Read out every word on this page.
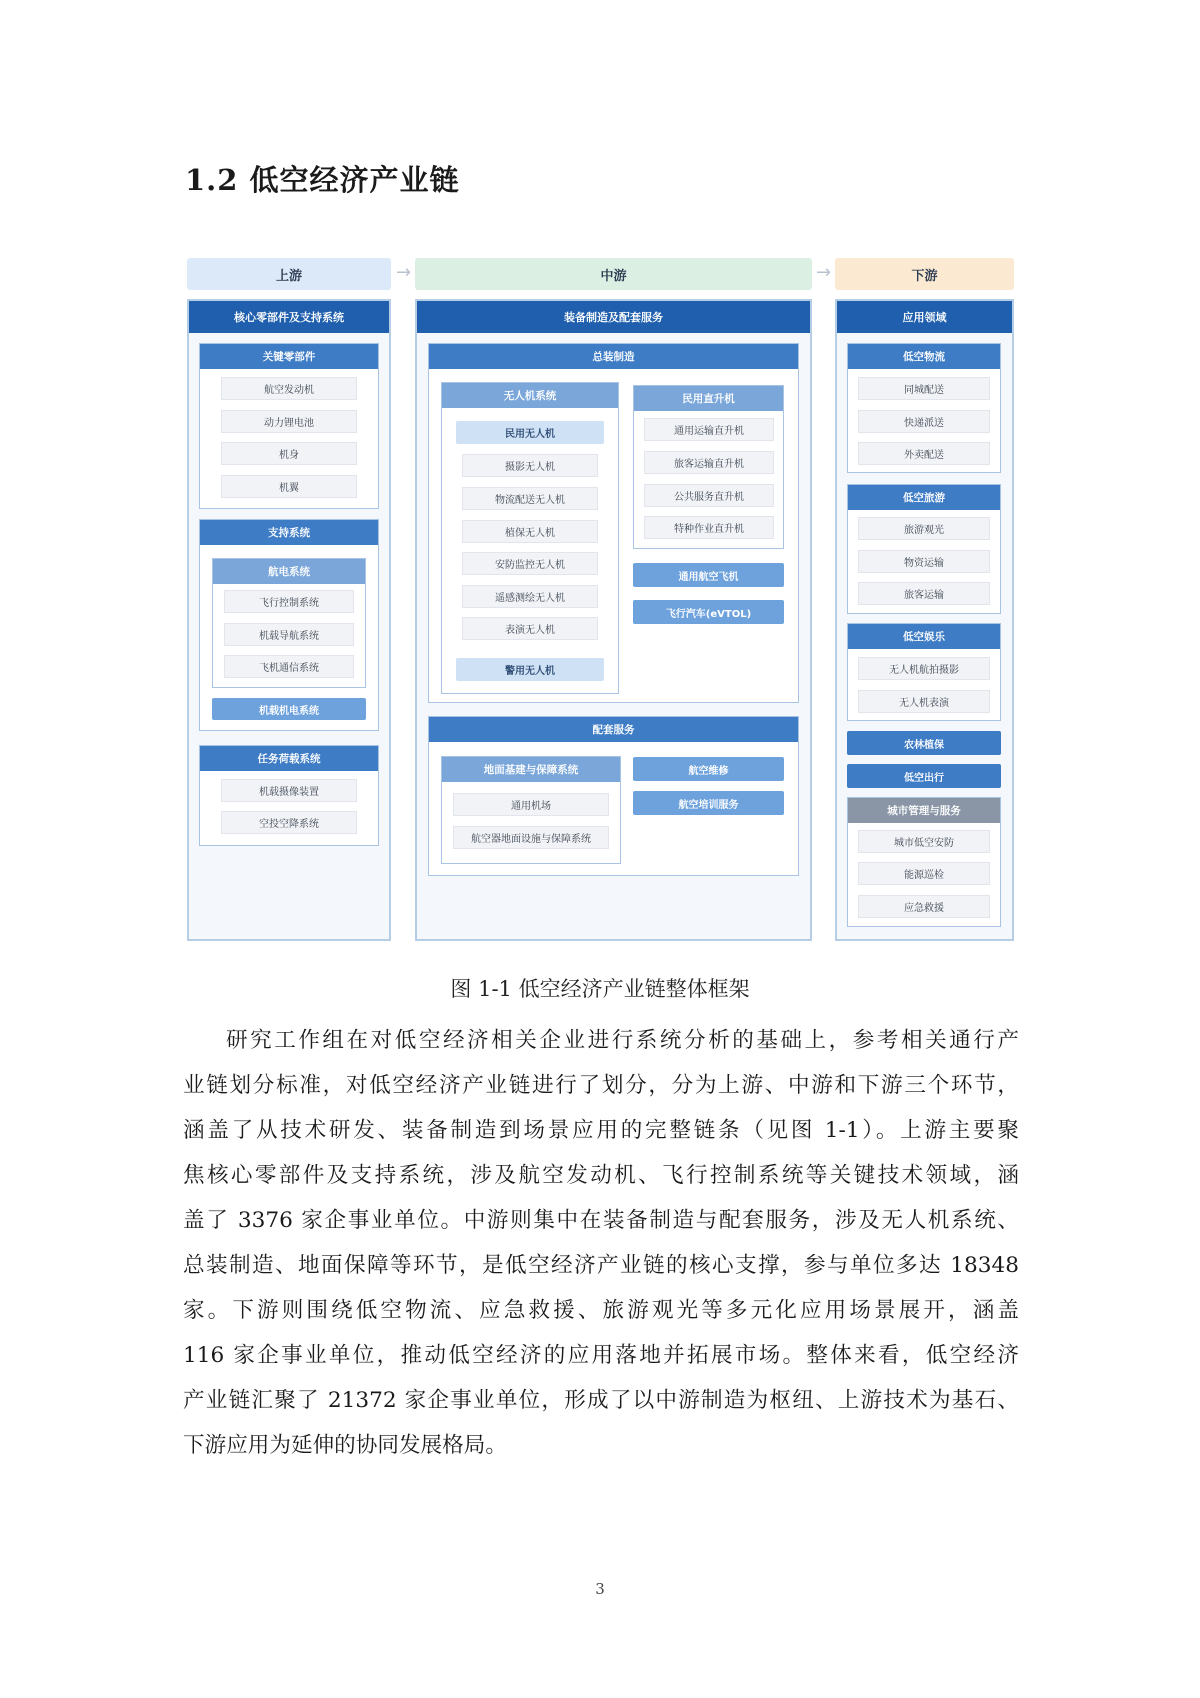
1.2 低空经济产业链
上游	→	中游	→	下游
核心零部件及支持系统
关键零部件
航空发动机
动力锂电池
机身
机翼
支持系统
航电系统
飞行控制系统
机载导航系统
飞机通信系统
机载机电系统
任务荷载系统
机载摄像装置
空投空降系统
装备制造及配套服务
总装制造
无人机系统
民用无人机
摄影无人机
物流配送无人机
植保无人机
安防监控无人机
遥感测绘无人机
表演无人机
警用无人机
民用直升机
通用运输直升机
旅客运输直升机
公共服务直升机
特种作业直升机
通用航空飞机
飞行汽车(eVTOL)
配套服务
地面基建与保障系统
通用机场
航空器地面设施与保障系统
航空维修
航空培训服务
应用领域
低空物流
同城配送
快递派送
外卖配送
低空旅游
旅游观光
物资运输
旅客运输
低空娱乐
无人机航拍摄影
无人机表演
农林植保
低空出行
城市管理与服务
城市低空安防
能源巡检
应急救援
图 1-1 低空经济产业链整体框架
研究工作组在对低空经济相关企业进行系统分析的基础上，参考相关通行产
业链划分标准，对低空经济产业链进行了划分，分为上游、中游和下游三个环节，
涵盖了从技术研发、装备制造到场景应用的完整链条（见图 1-1）。上游主要聚
焦核心零部件及支持系统，涉及航空发动机、飞行控制系统等关键技术领域，涵
盖了 3376 家企事业单位。中游则集中在装备制造与配套服务，涉及无人机系统、
总装制造、地面保障等环节，是低空经济产业链的核心支撑，参与单位多达 18348
家。下游则围绕低空物流、应急救援、旅游观光等多元化应用场景展开，涵盖
116 家企事业单位，推动低空经济的应用落地并拓展市场。整体来看，低空经济
产业链汇聚了 21372 家企事业单位，形成了以中游制造为枢纽、上游技术为基石、
下游应用为延伸的协同发展格局。
3
